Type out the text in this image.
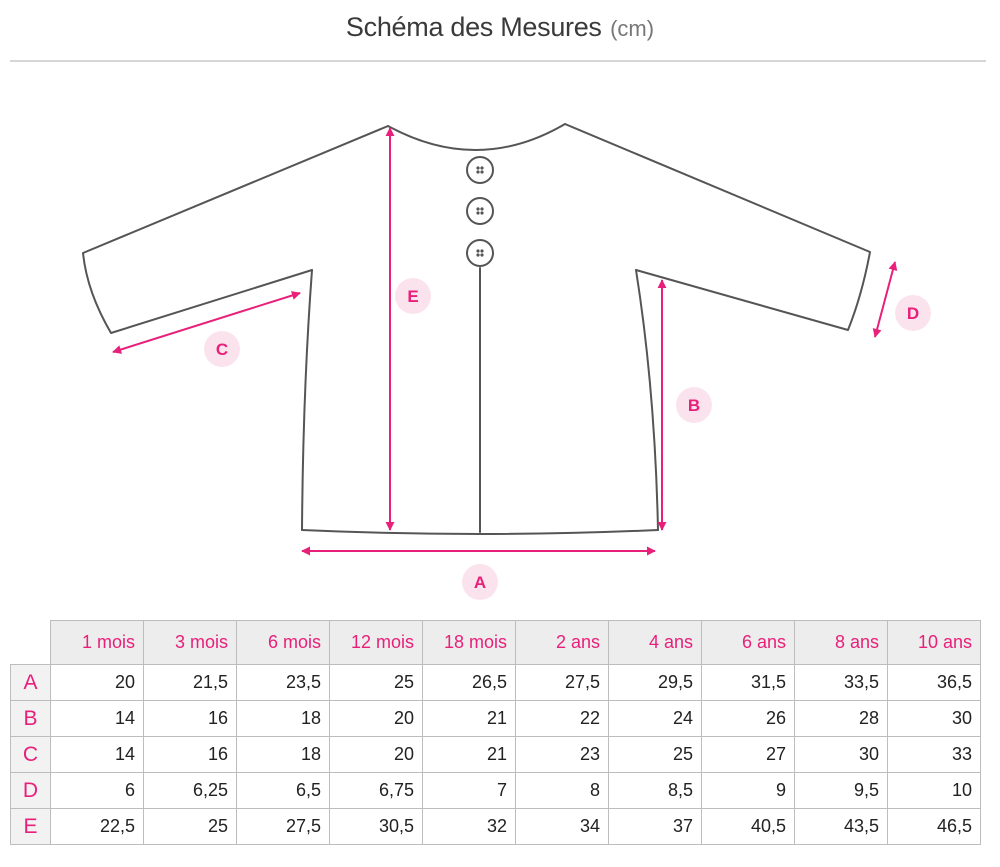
Schéma des Mesures (cm)
A
B
C
D
E
	1 mois	3 mois	6 mois	12 mois	18 mois	2 ans	4 ans	6 ans	8 ans	10 ans
A	20	21,5	23,5	25	26,5	27,5	29,5	31,5	33,5	36,5
B	14	16	18	20	21	22	24	26	28	30
C	14	16	18	20	21	23	25	27	30	33
D	6	6,25	6,5	6,75	7	8	8,5	9	9,5	10
E	22,5	25	27,5	30,5	32	34	37	40,5	43,5	46,5
